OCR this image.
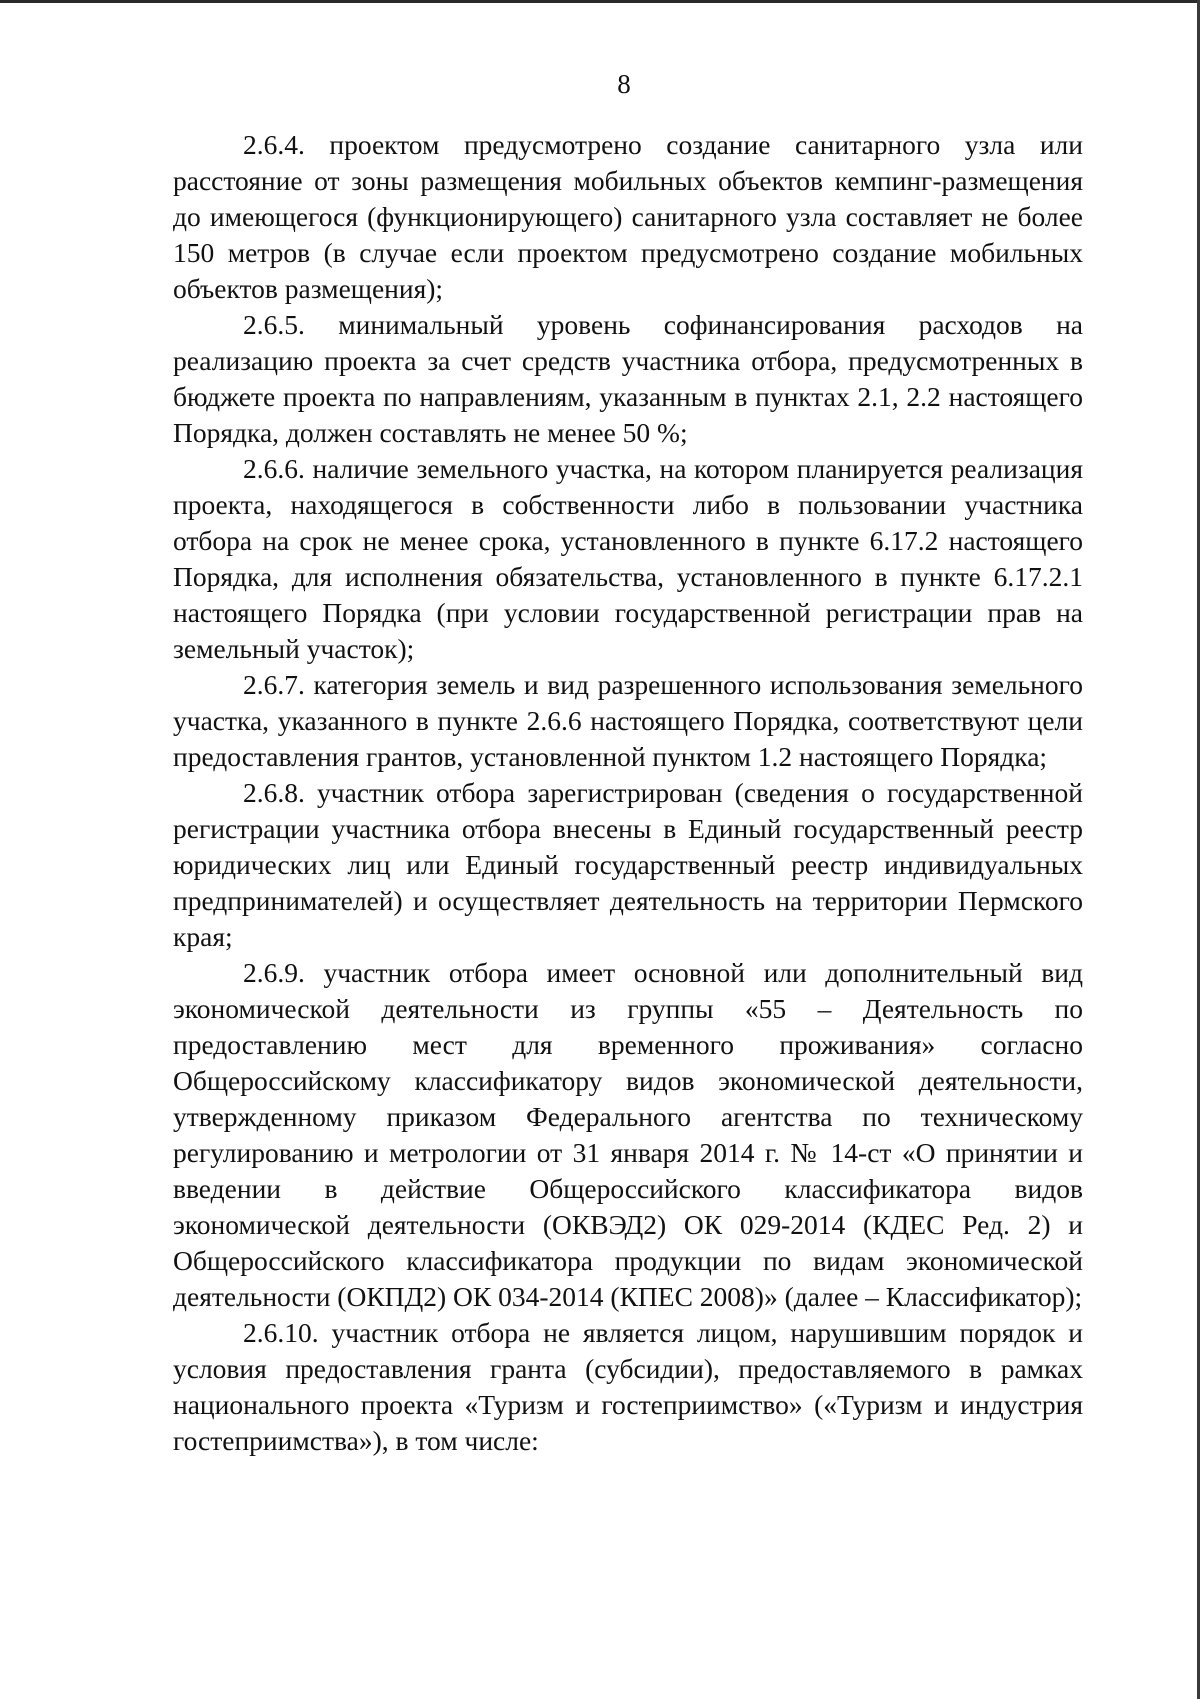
8

2.6.4. проектом предусмотрено создание санитарного узла или расстояние от зоны размещения мобильных объектов кемпинг-размещения до имеющегося (функционирующего) санитарного узла составляет не более 150 метров (в случае если проектом предусмотрено создание мобильных объектов размещения);

2.6.5. минимальный уровень софинансирования расходов на реализацию проекта за счет средств участника отбора, предусмотренных в бюджете проекта по направлениям, указанным в пунктах 2.1, 2.2 настоящего Порядка, должен составлять не менее 50 %;

2.6.6. наличие земельного участка, на котором планируется реализация проекта, находящегося в собственности либо в пользовании участника отбора на срок не менее срока, установленного в пункте 6.17.2 настоящего Порядка, для исполнения обязательства, установленного в пункте 6.17.2.1 настоящего Порядка (при условии государственной регистрации прав на земельный участок);

2.6.7. категория земель и вид разрешенного использования земельного участка, указанного в пункте 2.6.6 настоящего Порядка, соответствуют цели предоставления грантов, установленной пунктом 1.2 настоящего Порядка;

2.6.8. участник отбора зарегистрирован (сведения о государственной регистрации участника отбора внесены в Единый государственный реестр юридических лиц или Единый государственный реестр индивидуальных предпринимателей) и осуществляет деятельность на территории Пермского края;

2.6.9. участник отбора имеет основной или дополнительный вид экономической деятельности из группы «55 – Деятельность по предоставлению мест для временного проживания» согласно Общероссийскому классификатору видов экономической деятельности, утвержденному приказом Федерального агентства по техническому регулированию и метрологии от 31 января 2014 г. № 14-ст «О принятии и введении в действие Общероссийского классификатора видов экономической деятельности (ОКВЭД2) ОК 029-2014 (КДЕС Ред. 2) и Общероссийского классификатора продукции по видам экономической деятельности (ОКПД2) ОК 034-2014 (КПЕС 2008)» (далее – Классификатор);

2.6.10. участник отбора не является лицом, нарушившим порядок и условия предоставления гранта (субсидии), предоставляемого в рамках национального проекта «Туризм и гостеприимство» («Туризм и индустрия гостеприимства»), в том числе:
